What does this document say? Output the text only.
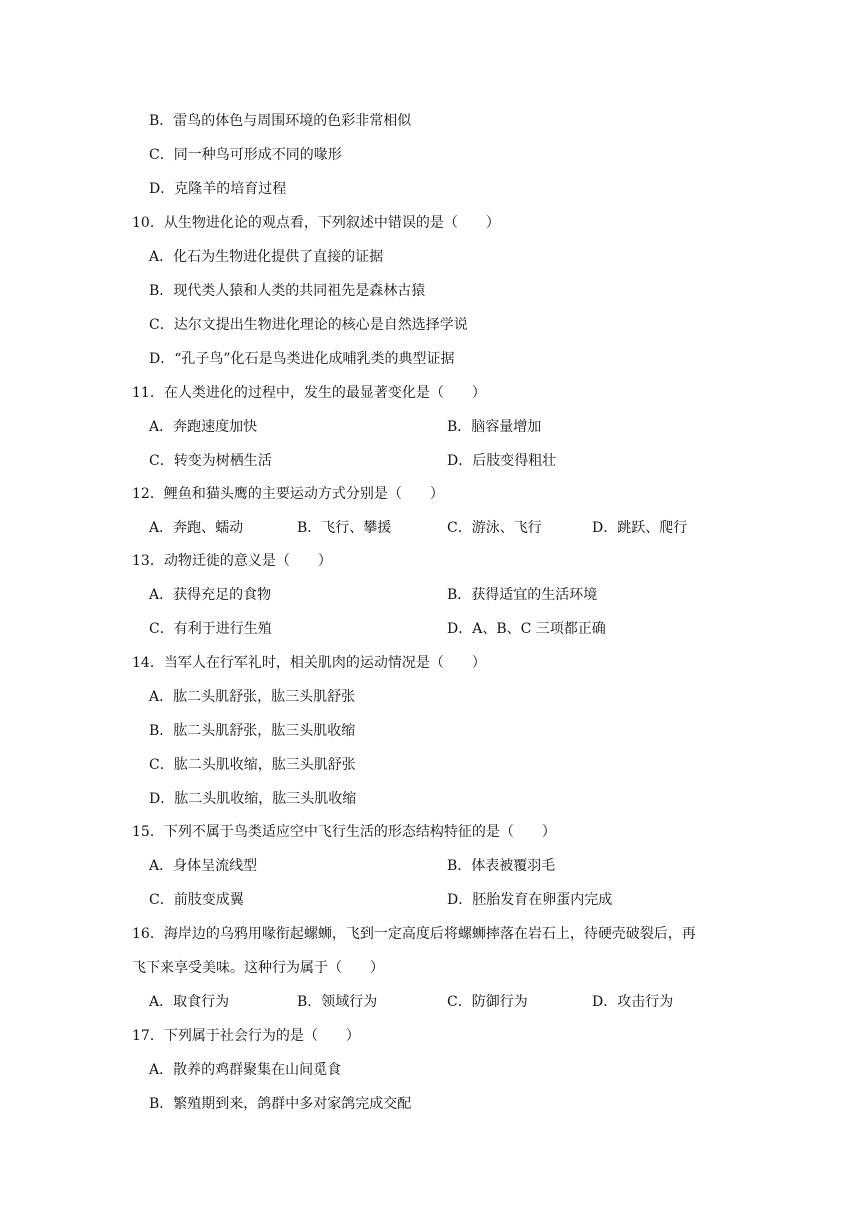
B．雷鸟的体色与周围环境的色彩非常相似
C．同一种鸟可形成不同的喙形
D．克隆羊的培育过程
10．从生物进化论的观点看，下列叙述中错误的是（　　）
A．化石为生物进化提供了直接的证据
B．现代类人猿和人类的共同祖先是森林古猿
C．达尔文提出生物进化理论的核心是自然选择学说
D．“孔子鸟”化石是鸟类进化成哺乳类的典型证据
11．在人类进化的过程中，发生的最显著变化是（　　）
A．奔跑速度加快	B．脑容量增加
C．转变为树栖生活	D．后肢变得粗壮
12．鲤鱼和猫头鹰的主要运动方式分别是（　　）
A．奔跑、蠕动	B．飞行、攀援	C．游泳、飞行	D．跳跃、爬行
13．动物迁徙的意义是（　　）
A．获得充足的食物	B．获得适宜的生活环境
C．有利于进行生殖	D．A、B、C 三项都正确
14．当军人在行军礼时，相关肌肉的运动情况是（　　）
A．肱二头肌舒张，肱三头肌舒张
B．肱二头肌舒张，肱三头肌收缩
C．肱二头肌收缩，肱三头肌舒张
D．肱二头肌收缩，肱三头肌收缩
15．下列不属于鸟类适应空中飞行生活的形态结构特征的是（　　）
A．身体呈流线型	B．体表被覆羽毛
C．前肢变成翼	D．胚胎发育在卵蛋内完成
16．海岸边的乌鸦用喙衔起螺蛳，飞到一定高度后将螺蛳摔落在岩石上，待硬壳破裂后，再
飞下来享受美味。这种行为属于（　　）
A．取食行为	B．领域行为	C．防御行为	D．攻击行为
17．下列属于社会行为的是（　　）
A．散养的鸡群聚集在山间觅食
B．繁殖期到来，鸽群中多对家鸽完成交配
